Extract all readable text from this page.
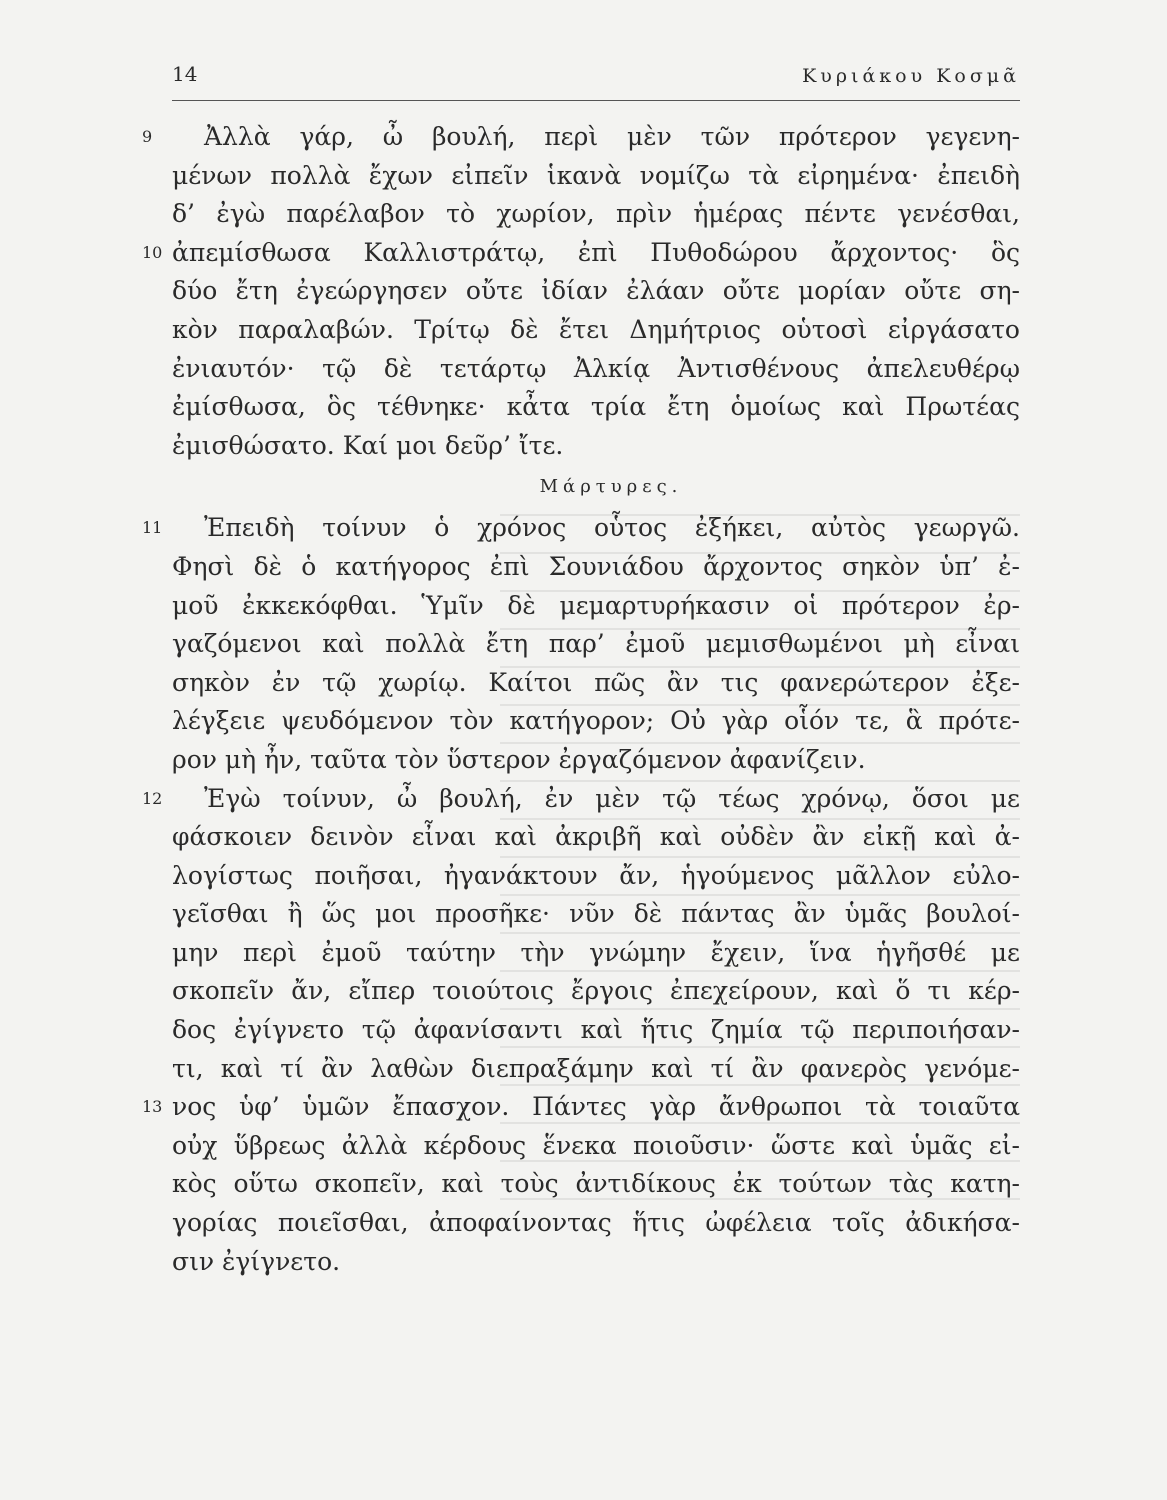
14	Κυριάκου Κοσμᾶ
9 Ἀλλὰ γάρ, ὦ βουλή, περὶ μὲν τῶν πρότερον γεγενη-
μένων πολλὰ ἔχων εἰπεῖν ἱκανὰ νομίζω τὰ εἰρημένα· ἐπειδὴ
δ’ ἐγὼ παρέλαβον τὸ χωρίον, πρὶν ἡμέρας πέντε γενέσθαι,
10 ἀπεμίσθωσα Καλλιστράτῳ, ἐπὶ Πυθοδώρου ἄρχοντος· ὃς
δύο ἔτη ἐγεώργησεν οὔτε ἰδίαν ἐλάαν οὔτε μορίαν οὔτε ση-
κὸν παραλαβών. Τρίτῳ δὲ ἔτει Δημήτριος οὑτοσὶ εἰργάσατο
ἐνιαυτόν· τῷ δὲ τετάρτῳ Ἀλκίᾳ Ἀντισθένους ἀπελευθέρῳ
ἐμίσθωσα, ὃς τέθνηκε· κἆτα τρία ἔτη ὁμοίως καὶ Πρωτέας
ἐμισθώσατο. Καί μοι δεῦρ’ ἴτε.
Μάρτυρες.
11 Ἐπειδὴ τοίνυν ὁ χρόνος οὗτος ἐξήκει, αὐτὸς γεωργῶ.
Φησὶ δὲ ὁ κατήγορος ἐπὶ Σουνιάδου ἄρχοντος σηκὸν ὑπ’ ἐ-
μοῦ ἐκκεκόφθαι. Ὑμῖν δὲ μεμαρτυρήκασιν οἱ πρότερον ἐρ-
γαζόμενοι καὶ πολλὰ ἔτη παρ’ ἐμοῦ μεμισθωμένοι μὴ εἶναι
σηκὸν ἐν τῷ χωρίῳ. Καίτοι πῶς ἂν τις φανερώτερον ἐξε-
λέγξειε ψευδόμενον τὸν κατήγορον; Οὐ γὰρ οἷόν τε, ἃ πρότε-
ρον μὴ ἦν, ταῦτα τὸν ὕστερον ἐργαζόμενον ἀφανίζειν.
12 Ἐγὼ τοίνυν, ὦ βουλή, ἐν μὲν τῷ τέως χρόνῳ, ὅσοι με
φάσκοιεν δεινὸν εἶναι καὶ ἀκριβῆ καὶ οὐδὲν ἂν εἰκῇ καὶ ἀ-
λογίστως ποιῆσαι, ἠγανάκτουν ἄν, ἡγούμενος μᾶλλον εὐλο-
γεῖσθαι ἢ ὥς μοι προσῆκε· νῦν δὲ πάντας ἂν ὑμᾶς βουλοί-
μην περὶ ἐμοῦ ταύτην τὴν γνώμην ἔχειν, ἵνα ἡγῆσθέ με
σκοπεῖν ἄν, εἴπερ τοιούτοις ἔργοις ἐπεχείρουν, καὶ ὅ τι κέρ-
δος ἐγίγνετο τῷ ἀφανίσαντι καὶ ἥτις ζημία τῷ περιποιήσαν-
τι, καὶ τί ἂν λαθὼν διεπραξάμην καὶ τί ἂν φανερὸς γενόμε-
13 νος ὑφ’ ὑμῶν ἔπασχον. Πάντες γὰρ ἄνθρωποι τὰ τοιαῦτα
οὐχ ὕβρεως ἀλλὰ κέρδους ἕνεκα ποιοῦσιν· ὥστε καὶ ὑμᾶς εἰ-
κὸς οὕτω σκοπεῖν, καὶ τοὺς ἀντιδίκους ἐκ τούτων τὰς κατη-
γορίας ποιεῖσθαι, ἀποφαίνοντας ἥτις ὠφέλεια τοῖς ἀδικήσα-
σιν ἐγίγνετο.
